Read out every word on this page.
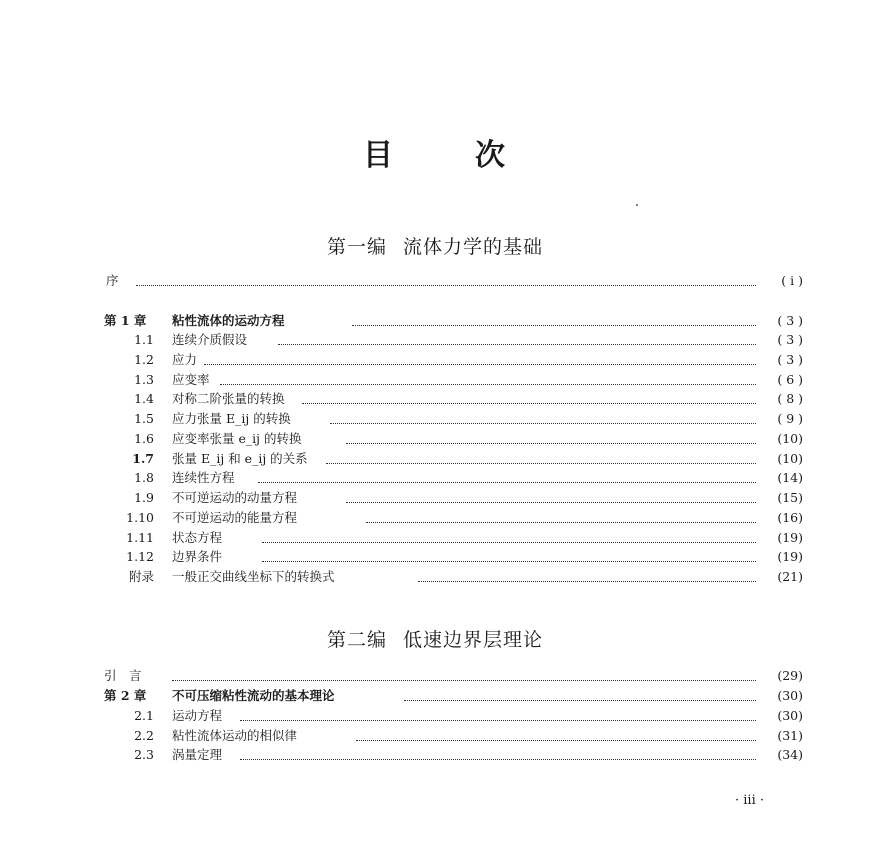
目	次
第一编 流体力学的基础
序	( i )
第 1 章 粘性流体的运动方程	( 3 )
1.1 连续介质假设	( 3 )
1.2 应力	( 3 )
1.3 应变率	( 6 )
1.4 对称二阶张量的转换	( 8 )
1.5 应力张量 E_ij 的转换	( 9 )
1.6 应变率张量 e_ij 的转换	(10)
1.7 张量 E_ij 和 e_ij 的关系	(10)
1.8 连续性方程	(14)
1.9 不可逆运动的动量方程	(15)
1.10 不可逆运动的能量方程	(16)
1.11 状态方程	(19)
1.12 边界条件	(19)
附录 一般正交曲线坐标下的转换式	(21)
第二编 低速边界层理论
引　言	(29)
第 2 章 不可压缩粘性流动的基本理论	(30)
2.1 运动方程	(30)
2.2 粘性流体运动的相似律	(31)
2.3 涡量定理	(34)
· iii ·
